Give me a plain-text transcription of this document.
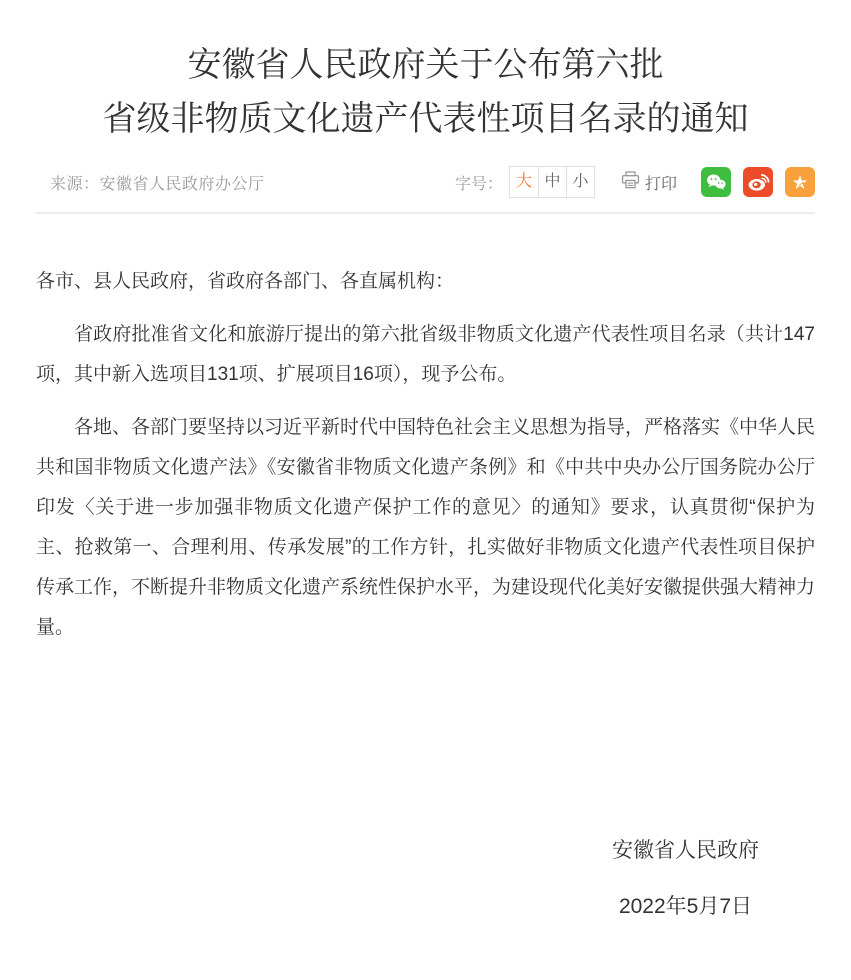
安徽省人民政府关于公布第六批
省级非物质文化遗产代表性项目名录的通知
来源：安徽省人民政府办公厅	字号： 大 中 小	打印

各市、县人民政府，省政府各部门、各直属机构：

省政府批准省文化和旅游厅提出的第六批省级非物质文化遗产代表性项目名录（共计147项，其中新入选项目131项、扩展项目16项），现予公布。

各地、各部门要坚持以习近平新时代中国特色社会主义思想为指导，严格落实《中华人民共和国非物质文化遗产法》《安徽省非物质文化遗产条例》和《中共中央办公厅国务院办公厅印发〈关于进一步加强非物质文化遗产保护工作的意见〉的通知》要求，认真贯彻“保护为主、抢救第一、合理利用、传承发展”的工作方针，扎实做好非物质文化遗产代表性项目保护传承工作，不断提升非物质文化遗产系统性保护水平，为建设现代化美好安徽提供强大精神力量。

安徽省人民政府
2022年5月7日
